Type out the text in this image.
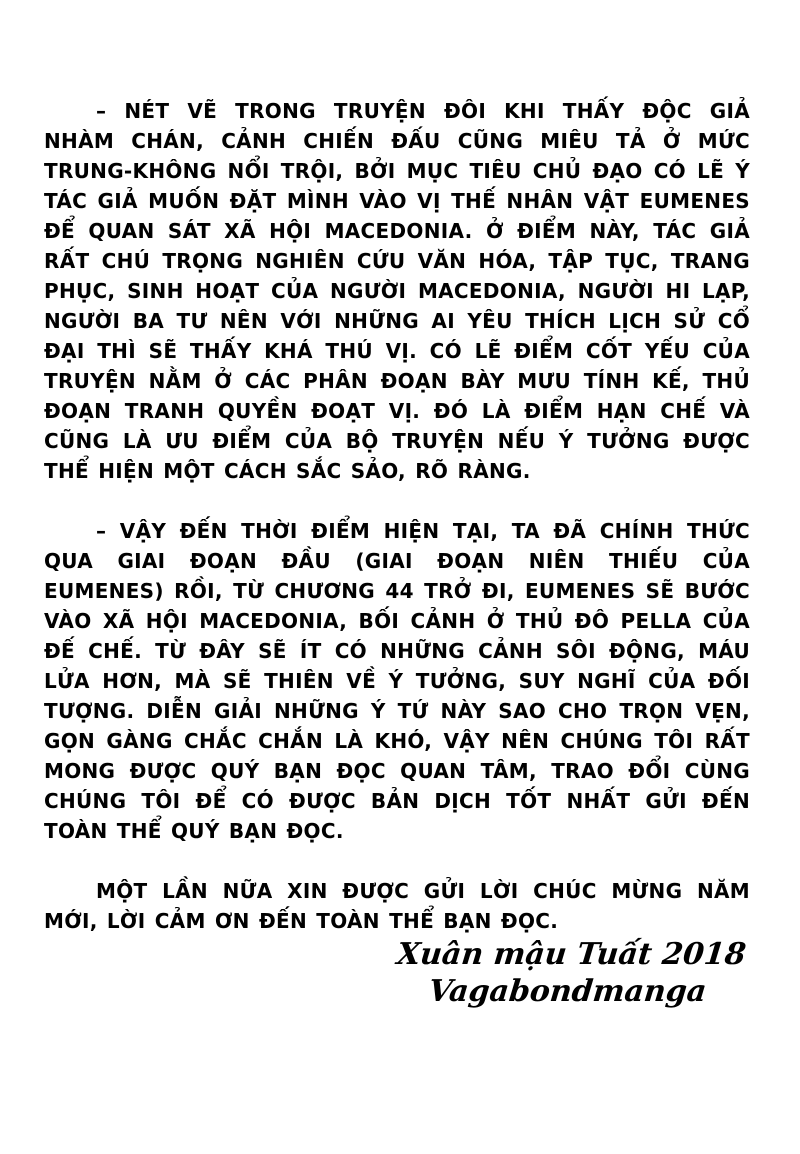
– NÉT VẼ TRONG TRUYỆN ĐÔI KHI THẤY ĐỘC GIẢ NHÀM CHÁN, CẢNH CHIẾN ĐẤU CŨNG MIÊU TẢ Ở MỨC TRUNG-KHÔNG NỔI TRỘI, BỞI MỤC TIÊU CHỦ ĐẠO CÓ LẼ Ý TÁC GIẢ MUỐN ĐẶT MÌNH VÀO VỊ THẾ NHÂN VẬT EUMENES ĐỂ QUAN SÁT XÃ HỘI MACEDONIA. Ở ĐIỂM NÀY, TÁC GIẢ RẤT CHÚ TRỌNG NGHIÊN CỨU VĂN HÓA, TẬP TỤC, TRANG PHỤC, SINH HOẠT CỦA NGƯỜI MACEDONIA, NGƯỜI HI LẠP, NGƯỜI BA TƯ NÊN VỚI NHỮNG AI YÊU THÍCH LỊCH SỬ CỔ ĐẠI THÌ SẼ THẤY KHÁ THÚ VỊ. CÓ LẼ ĐIỂM CỐT YẾU CỦA TRUYỆN NẰM Ở CÁC PHÂN ĐOẠN BÀY MƯU TÍNH KẾ, THỦ ĐOẠN TRANH QUYỀN ĐOẠT VỊ. ĐÓ LÀ ĐIỂM HẠN CHẾ VÀ CŨNG LÀ ƯU ĐIỂM CỦA BỘ TRUYỆN NẾU Ý TƯỞNG ĐƯỢC THỂ HIỆN MỘT CÁCH SẮC SẢO, RÕ RÀNG.

– VẬY ĐẾN THỜI ĐIỂM HIỆN TẠI, TA ĐÃ CHÍNH THỨC QUA GIAI ĐOẠN ĐẦU (GIAI ĐOẠN NIÊN THIẾU CỦA EUMENES) RỒI, TỪ CHƯƠNG 44 TRỞ ĐI, EUMENES SẼ BƯỚC VÀO XÃ HỘI MACEDONIA, BỐI CẢNH Ở THỦ ĐÔ PELLA CỦA ĐẾ CHẾ. TỪ ĐÂY SẼ ÍT CÓ NHỮNG CẢNH SÔI ĐỘNG, MÁU LỬA HƠN, MÀ SẼ THIÊN VỀ Ý TƯỞNG, SUY NGHĨ CỦA ĐỐI TƯỢNG. DIỄN GIẢI NHỮNG Ý TỨ NÀY SAO CHO TRỌN VẸN, GỌN GÀNG CHẮC CHẮN LÀ KHÓ, VẬY NÊN CHÚNG TÔI RẤT MONG ĐƯỢC QUÝ BẠN ĐỌC QUAN TÂM, TRAO ĐỔI CÙNG CHÚNG TÔI ĐỂ CÓ ĐƯỢC BẢN DỊCH TỐT NHẤT GỬI ĐẾN TOÀN THỂ QUÝ BẠN ĐỌC.

MỘT LẦN NỮA XIN ĐƯỢC GỬI LỜI CHÚC MỪNG NĂM MỚI, LỜI CẢM ƠN ĐẾN TOÀN THỂ BẠN ĐỌC.

Xuân mậu Tuất 2018
Vagabondmanga
